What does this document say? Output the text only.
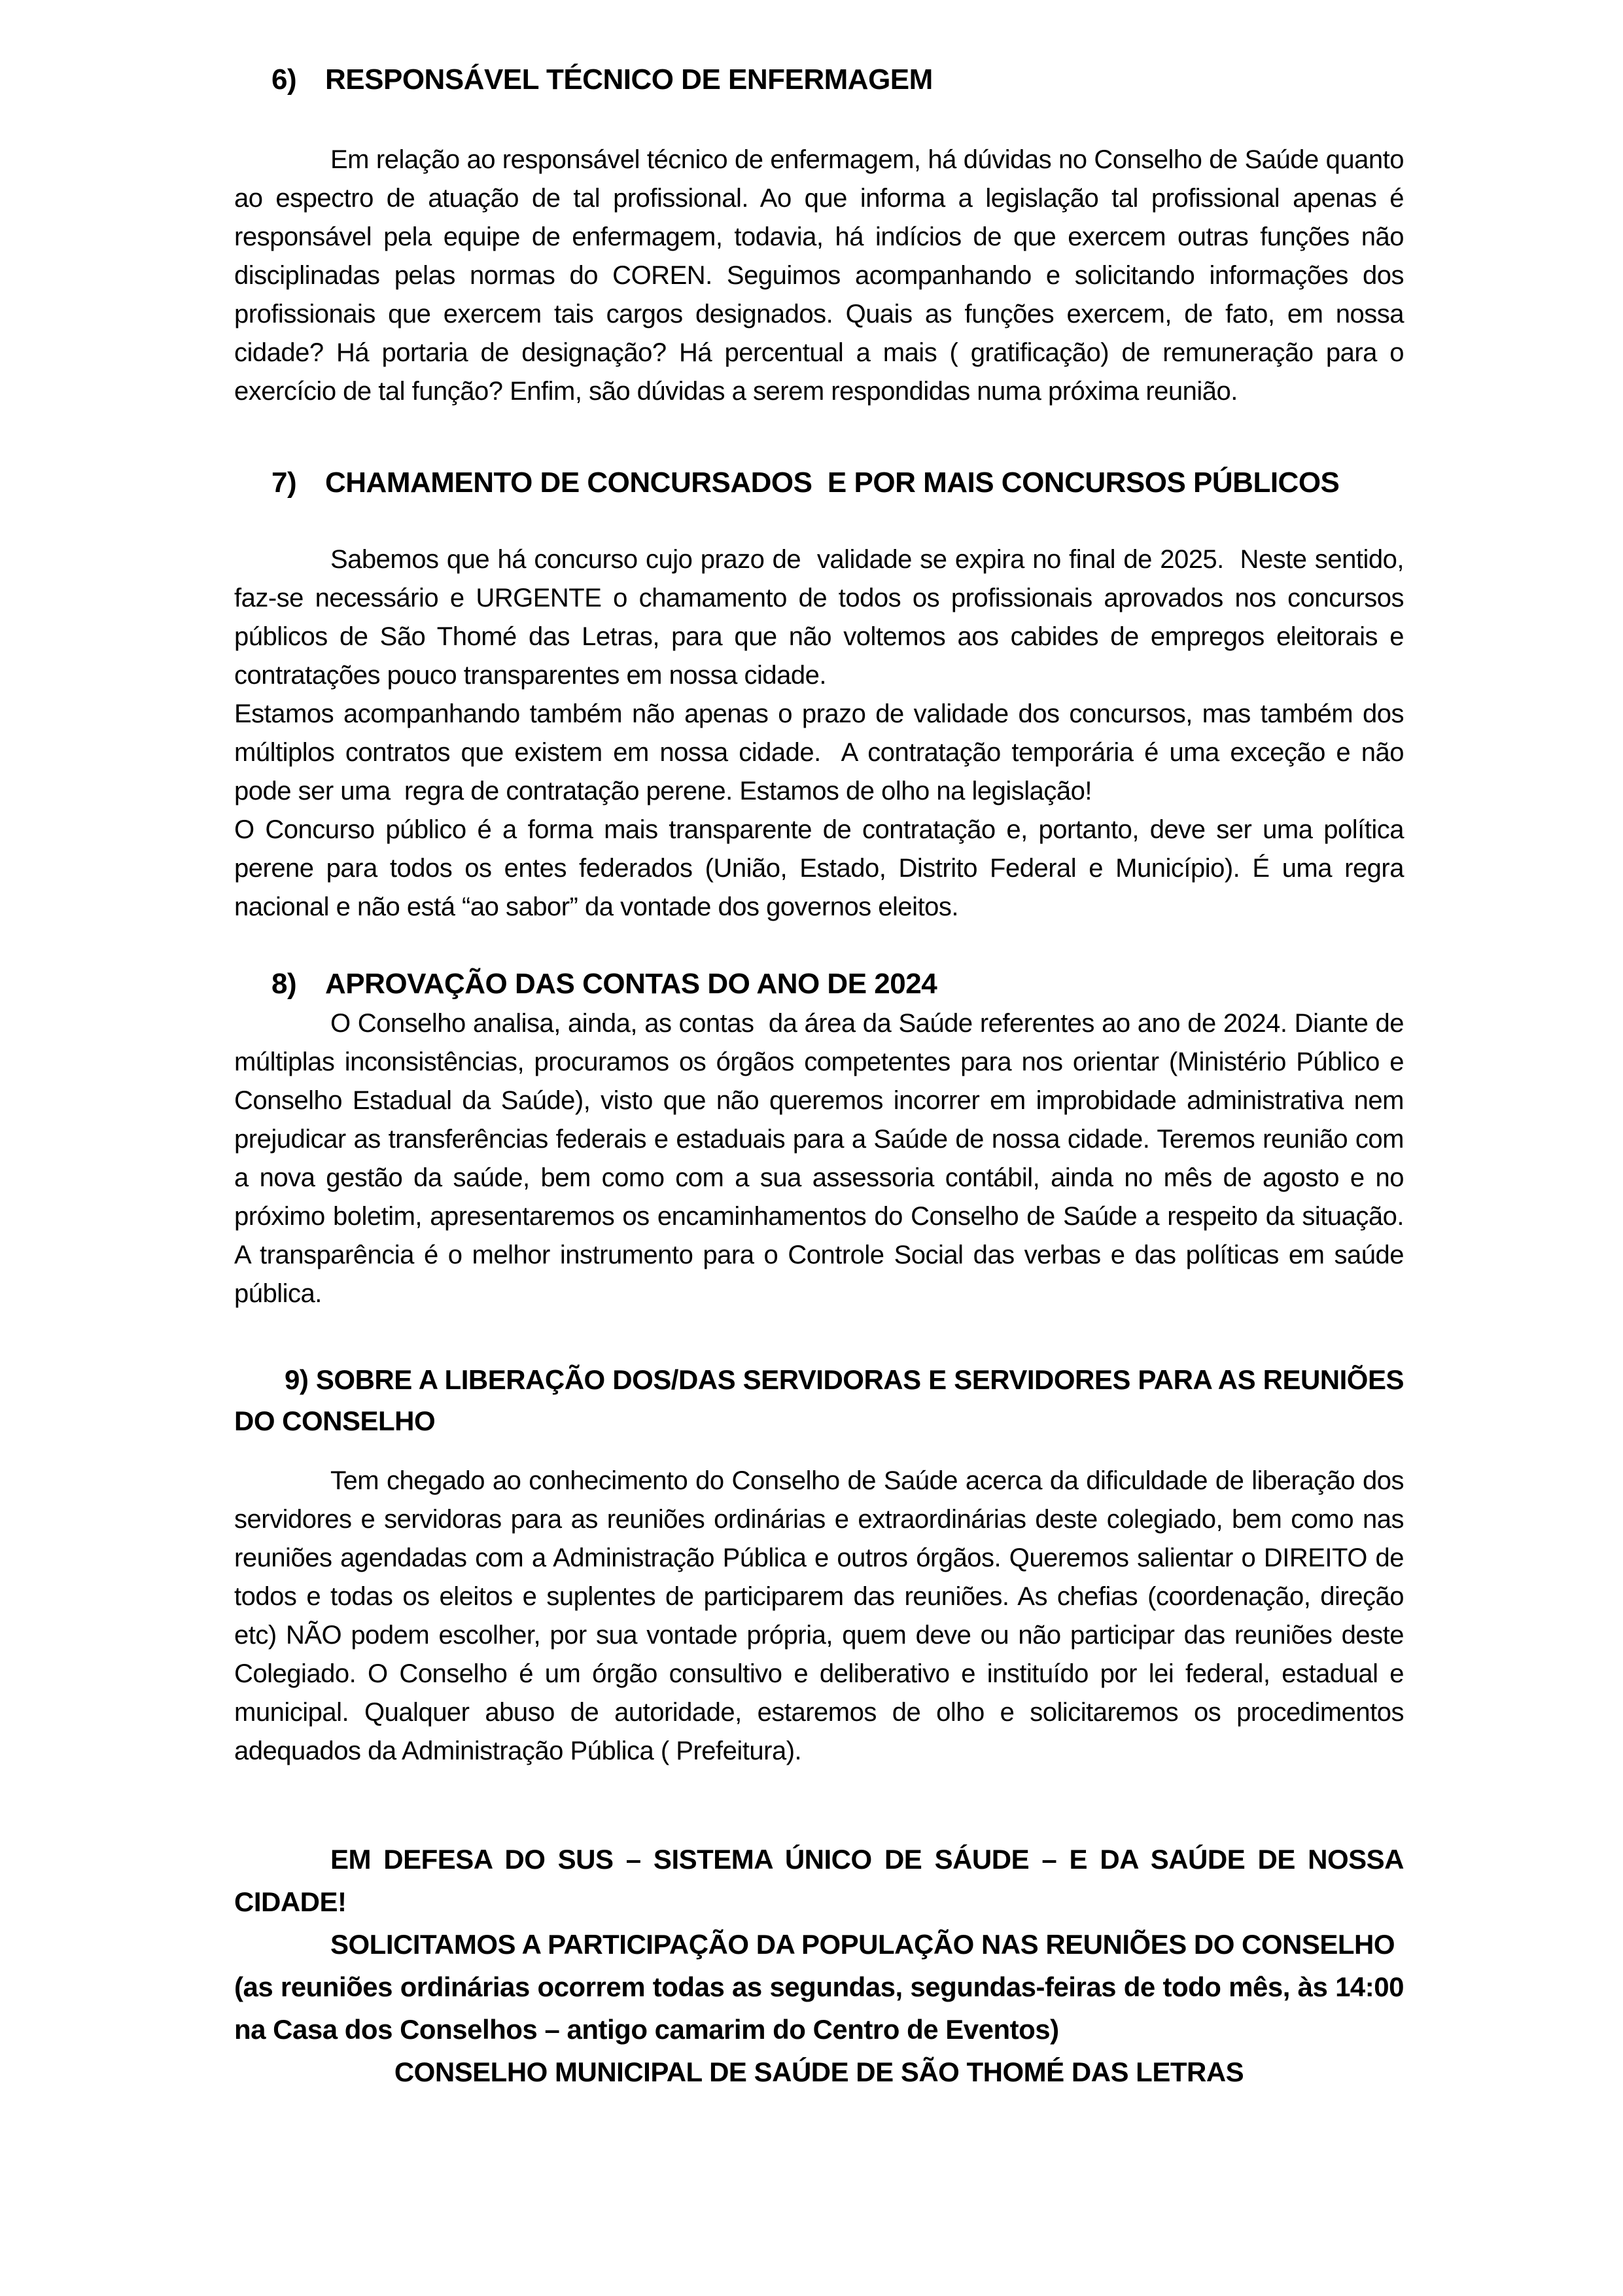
6) RESPONSÁVEL TÉCNICO DE ENFERMAGEM

Em relação ao responsável técnico de enfermagem, há dúvidas no Conselho de Saúde quanto ao espectro de atuação de tal profissional. Ao que informa a legislação tal profissional apenas é responsável pela equipe de enfermagem, todavia, há indícios de que exercem outras funções não disciplinadas pelas normas do COREN. Seguimos acompanhando e solicitando informações dos profissionais que exercem tais cargos designados. Quais as funções exercem, de fato, em nossa cidade? Há portaria de designação? Há percentual a mais ( gratificação) de remuneração para o exercício de tal função? Enfim, são dúvidas a serem respondidas numa próxima reunião.

7) CHAMAMENTO DE CONCURSADOS  E POR MAIS CONCURSOS PÚBLICOS

Sabemos que há concurso cujo prazo de  validade se expira no final de 2025.  Neste sentido, faz-se necessário e URGENTE o chamamento de todos os profissionais aprovados nos concursos públicos de São Thomé das Letras, para que não voltemos aos cabides de empregos eleitorais e contratações pouco transparentes em nossa cidade.

Estamos acompanhando também não apenas o prazo de validade dos concursos, mas também dos múltiplos contratos que existem em nossa cidade.  A contratação temporária é uma exceção e não pode ser uma  regra de contratação perene. Estamos de olho na legislação!

O Concurso público é a forma mais transparente de contratação e, portanto, deve ser uma política perene para todos os entes federados (União, Estado, Distrito Federal e Município). É uma regra nacional e não está “ao sabor” da vontade dos governos eleitos.

8) APROVAÇÃO DAS CONTAS DO ANO DE 2024

O Conselho analisa, ainda, as contas  da área da Saúde referentes ao ano de 2024. Diante de múltiplas inconsistências, procuramos os órgãos competentes para nos orientar (Ministério Público e Conselho Estadual da Saúde), visto que não queremos incorrer em improbidade administrativa nem prejudicar as transferências federais e estaduais para a Saúde de nossa cidade. Teremos reunião com a nova gestão da saúde, bem como com a sua assessoria contábil, ainda no mês de agosto e no próximo boletim, apresentaremos os encaminhamentos do Conselho de Saúde a respeito da situação. A transparência é o melhor instrumento para o Controle Social das verbas e das políticas em saúde pública.

9) SOBRE A LIBERAÇÃO DOS/DAS SERVIDORAS E SERVIDORES PARA AS REUNIÕES DO CONSELHO

Tem chegado ao conhecimento do Conselho de Saúde acerca da dificuldade de liberação dos servidores e servidoras para as reuniões ordinárias e extraordinárias deste colegiado, bem como nas reuniões agendadas com a Administração Pública e outros órgãos. Queremos salientar o DIREITO de todos e todas os eleitos e suplentes de participarem das reuniões. As chefias (coordenação, direção etc) NÃO podem escolher, por sua vontade própria, quem deve ou não participar das reuniões deste Colegiado. O Conselho é um órgão consultivo e deliberativo e instituído por lei federal, estadual e municipal. Qualquer abuso de autoridade, estaremos de olho e solicitaremos os procedimentos adequados da Administração Pública ( Prefeitura).

EM DEFESA DO SUS – SISTEMA ÚNICO DE SÁUDE – E DA SAÚDE DE NOSSA CIDADE!

SOLICITAMOS A PARTICIPAÇÃO DA POPULAÇÃO NAS REUNIÕES DO CONSELHO

(as reuniões ordinárias ocorrem todas as segundas, segundas-feiras de todo mês, às 14:00 na Casa dos Conselhos – antigo camarim do Centro de Eventos)

CONSELHO MUNICIPAL DE SAÚDE DE SÃO THOMÉ DAS LETRAS
